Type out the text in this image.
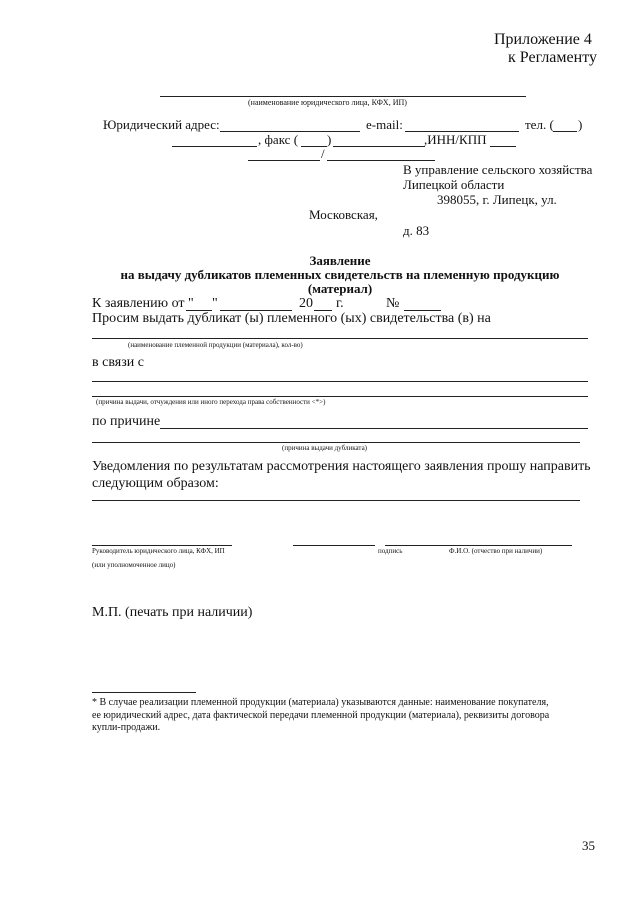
Приложение 4
к Регламенту
(наименование юридического лица, КФХ, ИП)
Юридический адрес:	e-mail:	тел. ( )
, факс ( )	,ИНН/КПП
/
В управление сельского хозяйства
Липецкой области
398055, г. Липецк, ул.
Московская,
д. 83
Заявление
на выдачу дубликатов племенных свидетельств на племенную продукцию
(материал)
К заявлению от " "	20 г.	№
Просим выдать дубликат (ы) племенного (ых) свидетельства (в) на
(наименование племенной продукции (материала), кол-во)
в связи с
(причина выдачи, отчуждения или иного перехода права собственности <*>)
по причине
(причина выдачи дубликата)
Уведомления по результатам рассмотрения настоящего заявления прошу направить
следующим образом:
Руководитель юридического лица, КФХ, ИП	подпись	Ф.И.О. (отчество при наличии)
(или уполномоченное лицо)
М.П. (печать при наличии)
* В случае реализации племенной продукции (материала) указываются данные: наименование покупателя,
ее юридический адрес, дата фактической передачи племенной продукции (материала), реквизиты договора
купли-продажи.
35
